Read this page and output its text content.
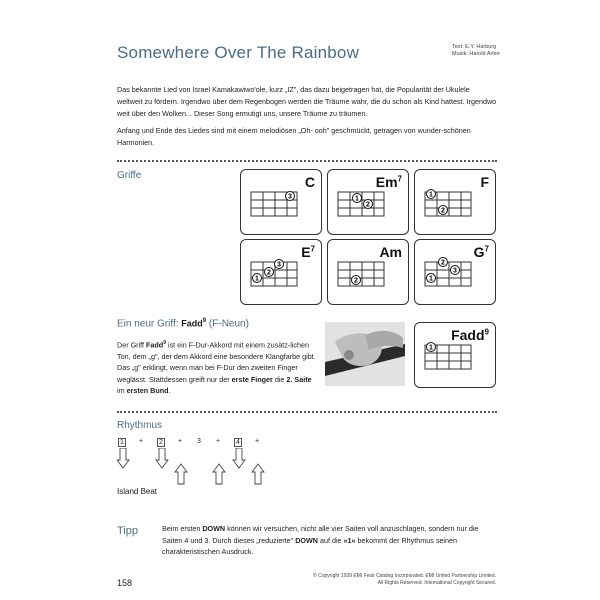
Somewhere Over The Rainbow	Text: E.Y. Harburg
Musik: Harold Arlen

Das bekannte Lied von Israel Kamakawiwo'ole, kurz „IZ", das dazu beigetragen hat, die Popularität der Ukulele weltweit zu fördern. Irgendwo über dem Regenbogen werden die Träume wahr, die du schon als Kind hattest. Irgendwo weit über den Wolken... Dieser Song ermutigt uns, unsere Träume zu träumen.

Anfang und Ende des Liedes sind mit einem melodiösen „Oh- ooh" geschmückt, getragen von wunder-schönen Harmonien.

Griffe
3
C
1
2
Em$^7$
1
2
F
3
2
1
$E^7$
2
Am
3
2
1
$G^7$
Ein neur Griff: Fadd$^9$ (F-Neun)
Der Griff Fadd$^9$ ist ein F-Dur-Akkord mit einem zusätz-lichen Ton, dem „g", der dem Akkord eine besondere Klangfarbe gibt. Das „g" erklingt, wenn man bei F-Dur den zweiten Finger weglässt. Stattdessen greift nur der erste Finger die 2. Saite im ersten Bund.
1
Fadd$^9$
Rhythmus
1 + 2 + 3 + 4 +
Island Beat
Tipp	Beim ersten DOWN können wir versuchen, nicht alle vier Saiten voll anzuschlagen, sondern nur die Saiten 4 und 3. Durch dieses „reduzierte" DOWN auf die »1« bekommt der Rhythmus seinen charakteristischen Ausdruck.
158
© Copyright 1939 EMI Feist Catalog Incorporated. EMI United Partnership Limited.
All Rights Reserved. International Copyright Secured.
